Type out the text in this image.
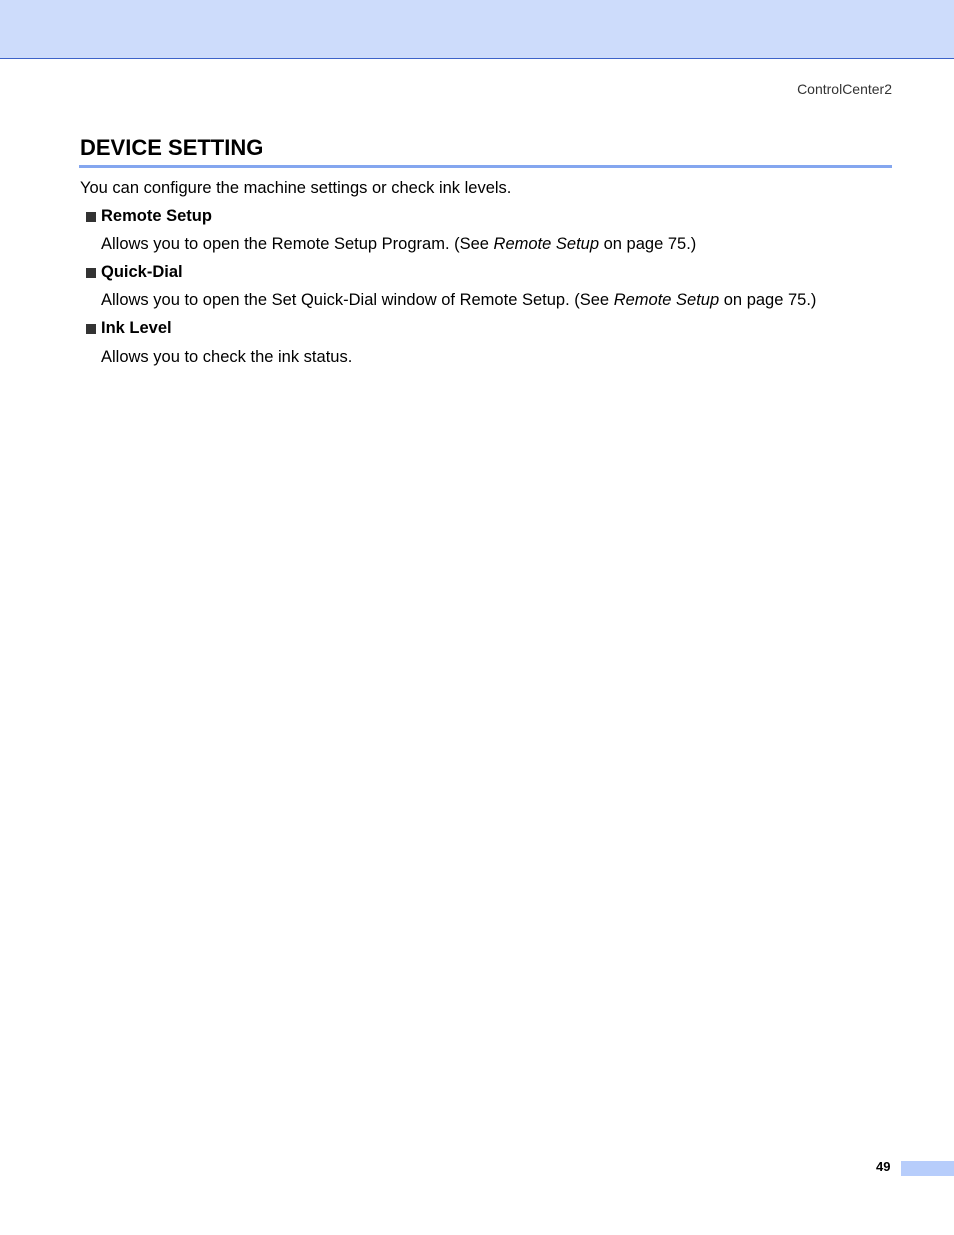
ControlCenter2
DEVICE SETTING
You can configure the machine settings or check ink levels.
Remote Setup
Allows you to open the Remote Setup Program. (See Remote Setup on page 75.)
Quick-Dial
Allows you to open the Set Quick-Dial window of Remote Setup. (See Remote Setup on page 75.)
Ink Level
Allows you to check the ink status.
49
